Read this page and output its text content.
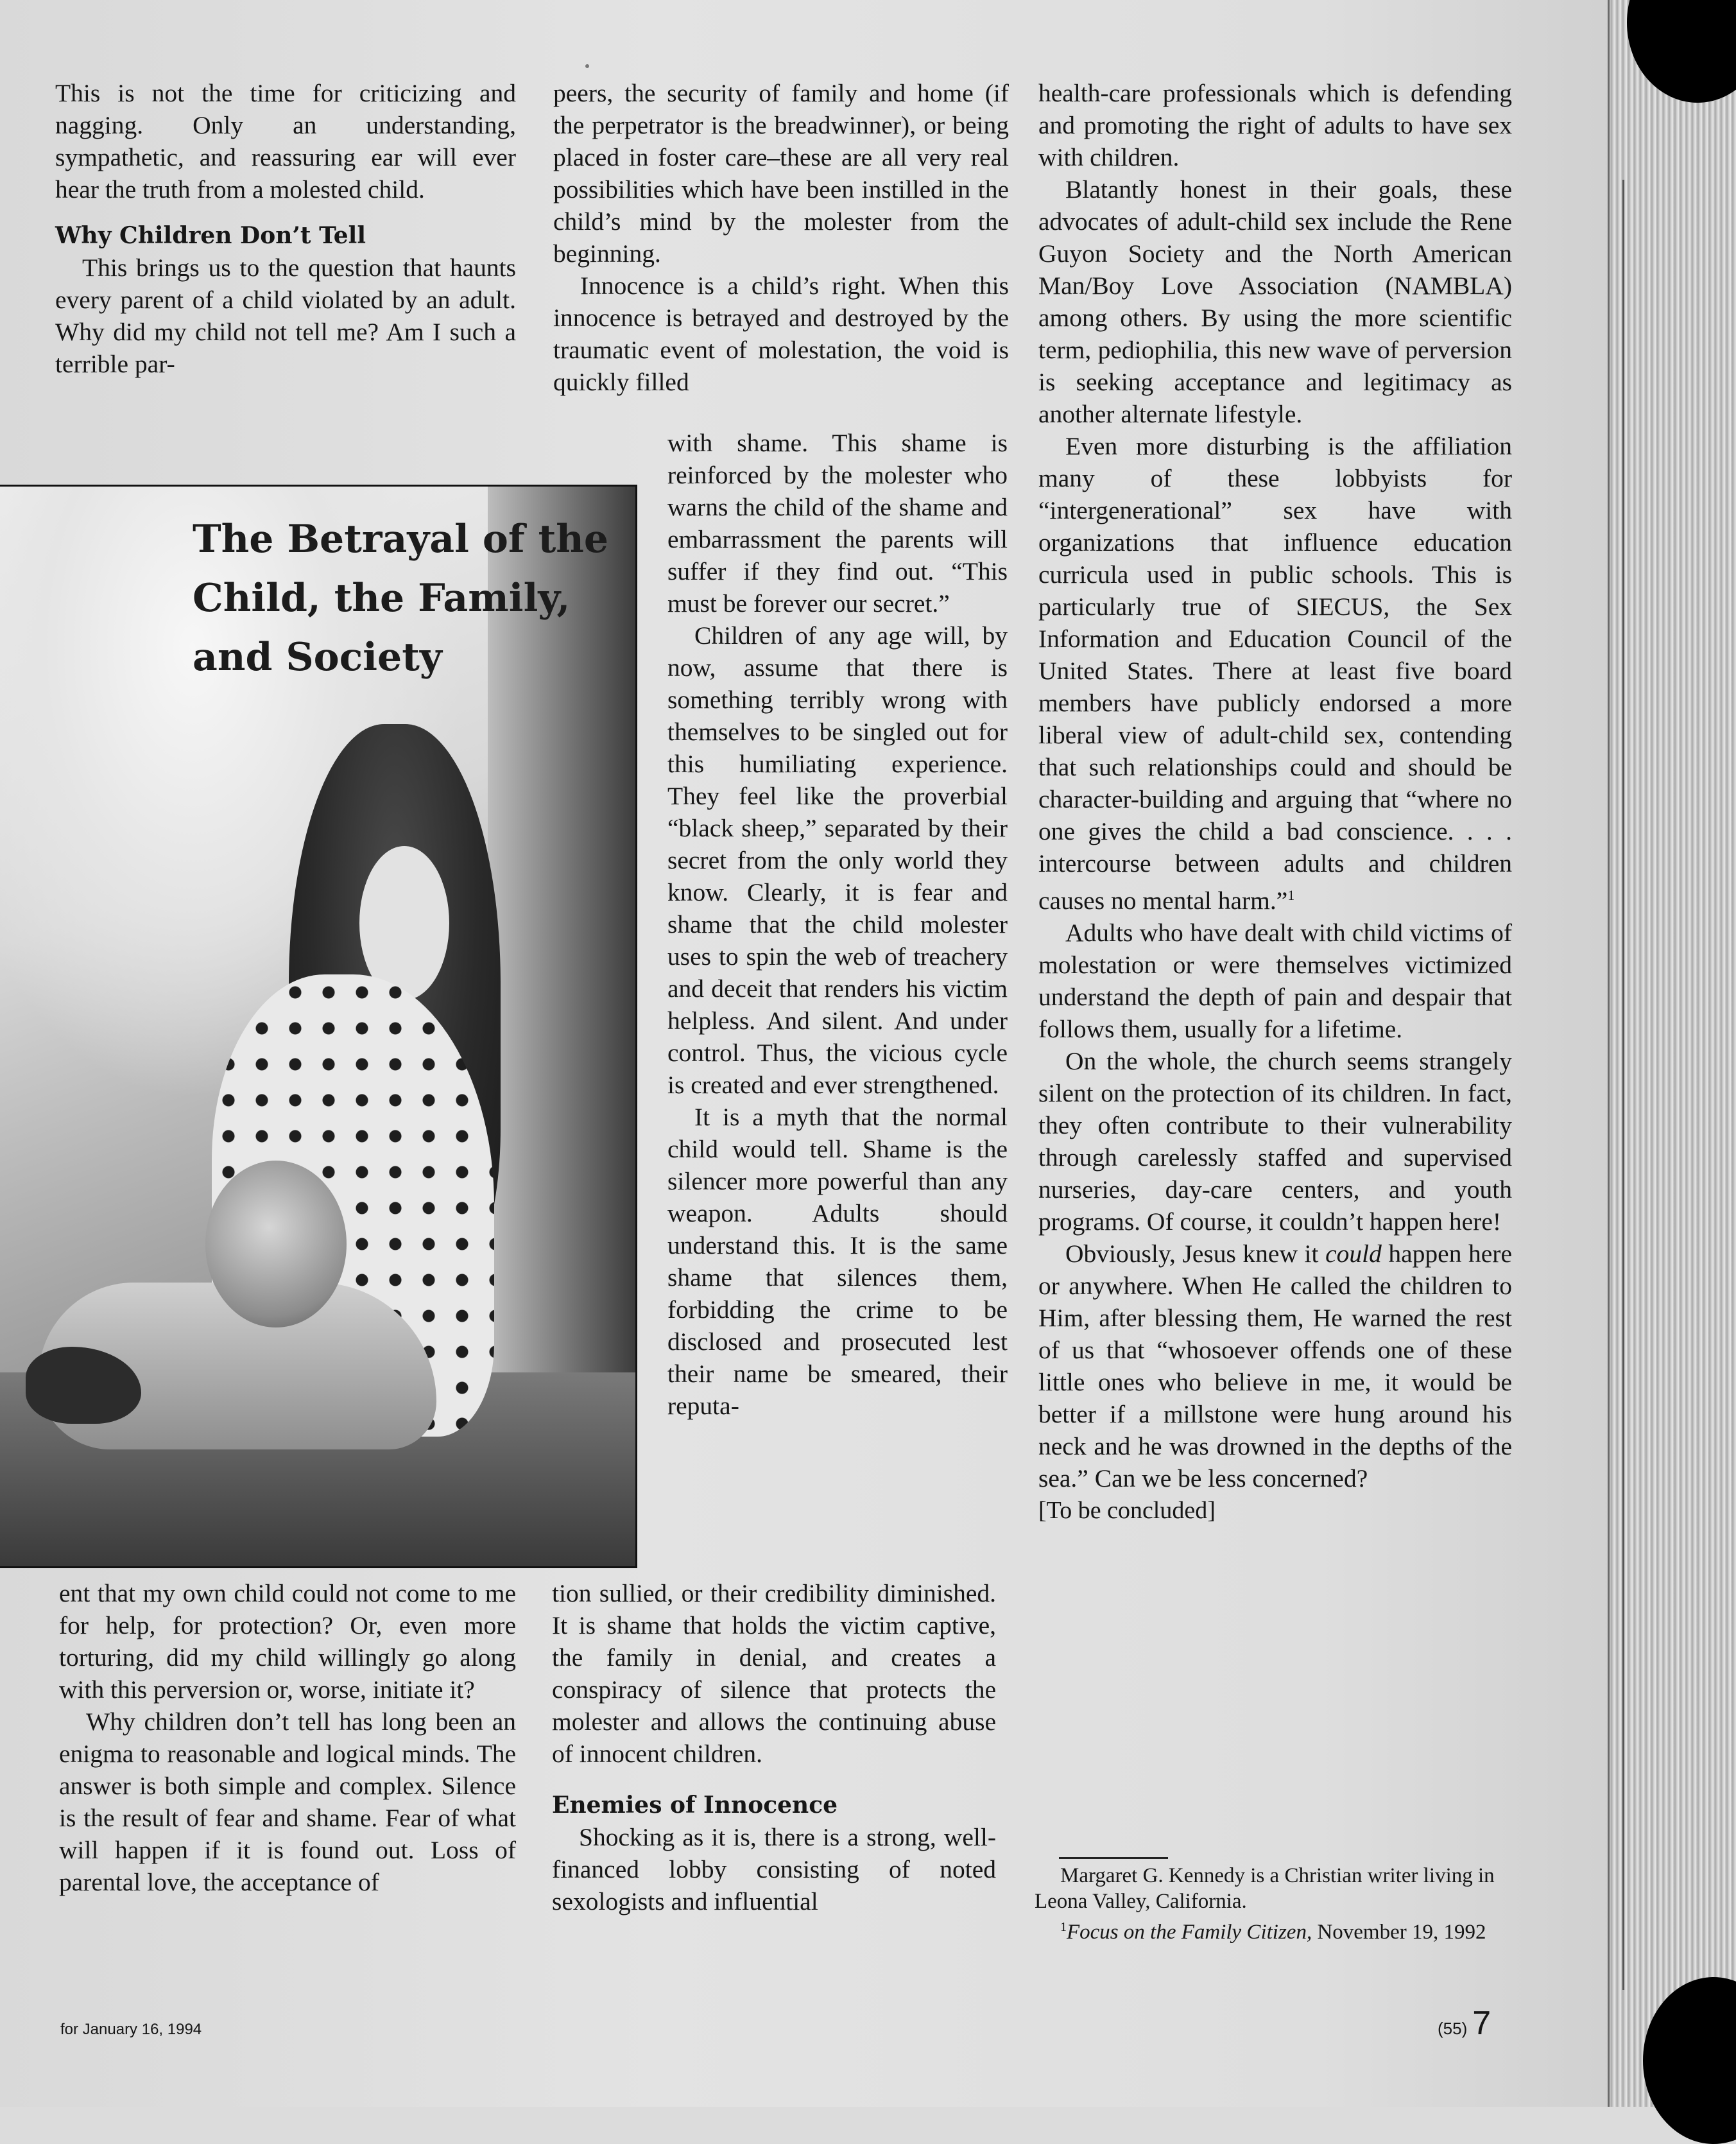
This is not the time for criticizing and nagging. Only an understanding, sympathetic, and reassuring ear will ever hear the truth from a molested child.

Why Children Don’t Tell

This brings us to the question that haunts every parent of a child violated by an adult. Why did my child not tell me? Am I such a terrible par-

The Betrayal of the
Child, the Family,
and Society

ent that my own child could not come to me for help, for protection? Or, even more torturing, did my child willingly go along with this perversion or, worse, initiate it?

Why children don’t tell has long been an enigma to reasonable and logical minds. The answer is both simple and complex. Silence is the result of fear and shame. Fear of what will happen if it is found out. Loss of parental love, the acceptance of

peers, the security of family and home (if the perpetrator is the breadwinner), or being placed in foster care–these are all very real possibilities which have been instilled in the child’s mind by the molester from the beginning.

Innocence is a child’s right. When this innocence is betrayed and destroyed by the traumatic event of molestation, the void is quickly filled

with shame. This shame is reinforced by the molester who warns the child of the shame and embarrassment the parents will suffer if they find out. “This must be forever our secret.”

Children of any age will, by now, assume that there is something terribly wrong with themselves to be singled out for this humiliating experience. They feel like the proverbial “black sheep,” separated by their secret from the only world they know. Clearly, it is fear and shame that the child molester uses to spin the web of treachery and deceit that renders his victim helpless. And silent. And under control. Thus, the vicious cycle is created and ever strengthened.

It is a myth that the normal child would tell. Shame is the silencer more powerful than any weapon. Adults should understand this. It is the same shame that silences them, forbidding the crime to be disclosed and prosecuted lest their name be smeared, their reputa-

tion sullied, or their credibility diminished. It is shame that holds the victim captive, the family in denial, and creates a conspiracy of silence that protects the molester and allows the continuing abuse of innocent children.

Enemies of Innocence

Shocking as it is, there is a strong, well-financed lobby consisting of noted sexologists and influential

health-care professionals which is defending and promoting the right of adults to have sex with children.

Blatantly honest in their goals, these advocates of adult-child sex include the Rene Guyon Society and the North American Man/Boy Love Association (NAMBLA) among others. By using the more scientific term, pediophilia, this new wave of perversion is seeking acceptance and legitimacy as another alternate lifestyle.

Even more disturbing is the affiliation many of these lobbyists for “intergenerational” sex have with organizations that influence education curricula used in public schools. This is particularly true of SIECUS, the Sex Information and Education Council of the United States. There at least five board members have publicly endorsed a more liberal view of adult-child sex, contending that such relationships could and should be character-building and arguing that “where no one gives the child a bad conscience. . . . intercourse between adults and children causes no mental harm.”$^1$

Adults who have dealt with child victims of molestation or were themselves victimized understand the depth of pain and despair that follows them, usually for a lifetime.

On the whole, the church seems strangely silent on the protection of its children. In fact, they often contribute to their vulnerability through carelessly staffed and supervised nurseries, day-care centers, and youth programs. Of course, it couldn’t happen here!

Obviously, Jesus knew it could happen here or anywhere. When He called the children to Him, after blessing them, He warned the rest of us that “whosoever offends one of these little ones who believe in me, it would be better if a millstone were hung around his neck and he was drowned in the depths of the sea.” Can we be less concerned?

[To be concluded]

Margaret G. Kennedy is a Christian writer living in Leona Valley, California.

$^1$Focus on the Family Citizen, November 19, 1992

for January 16, 1994	(55) 7
